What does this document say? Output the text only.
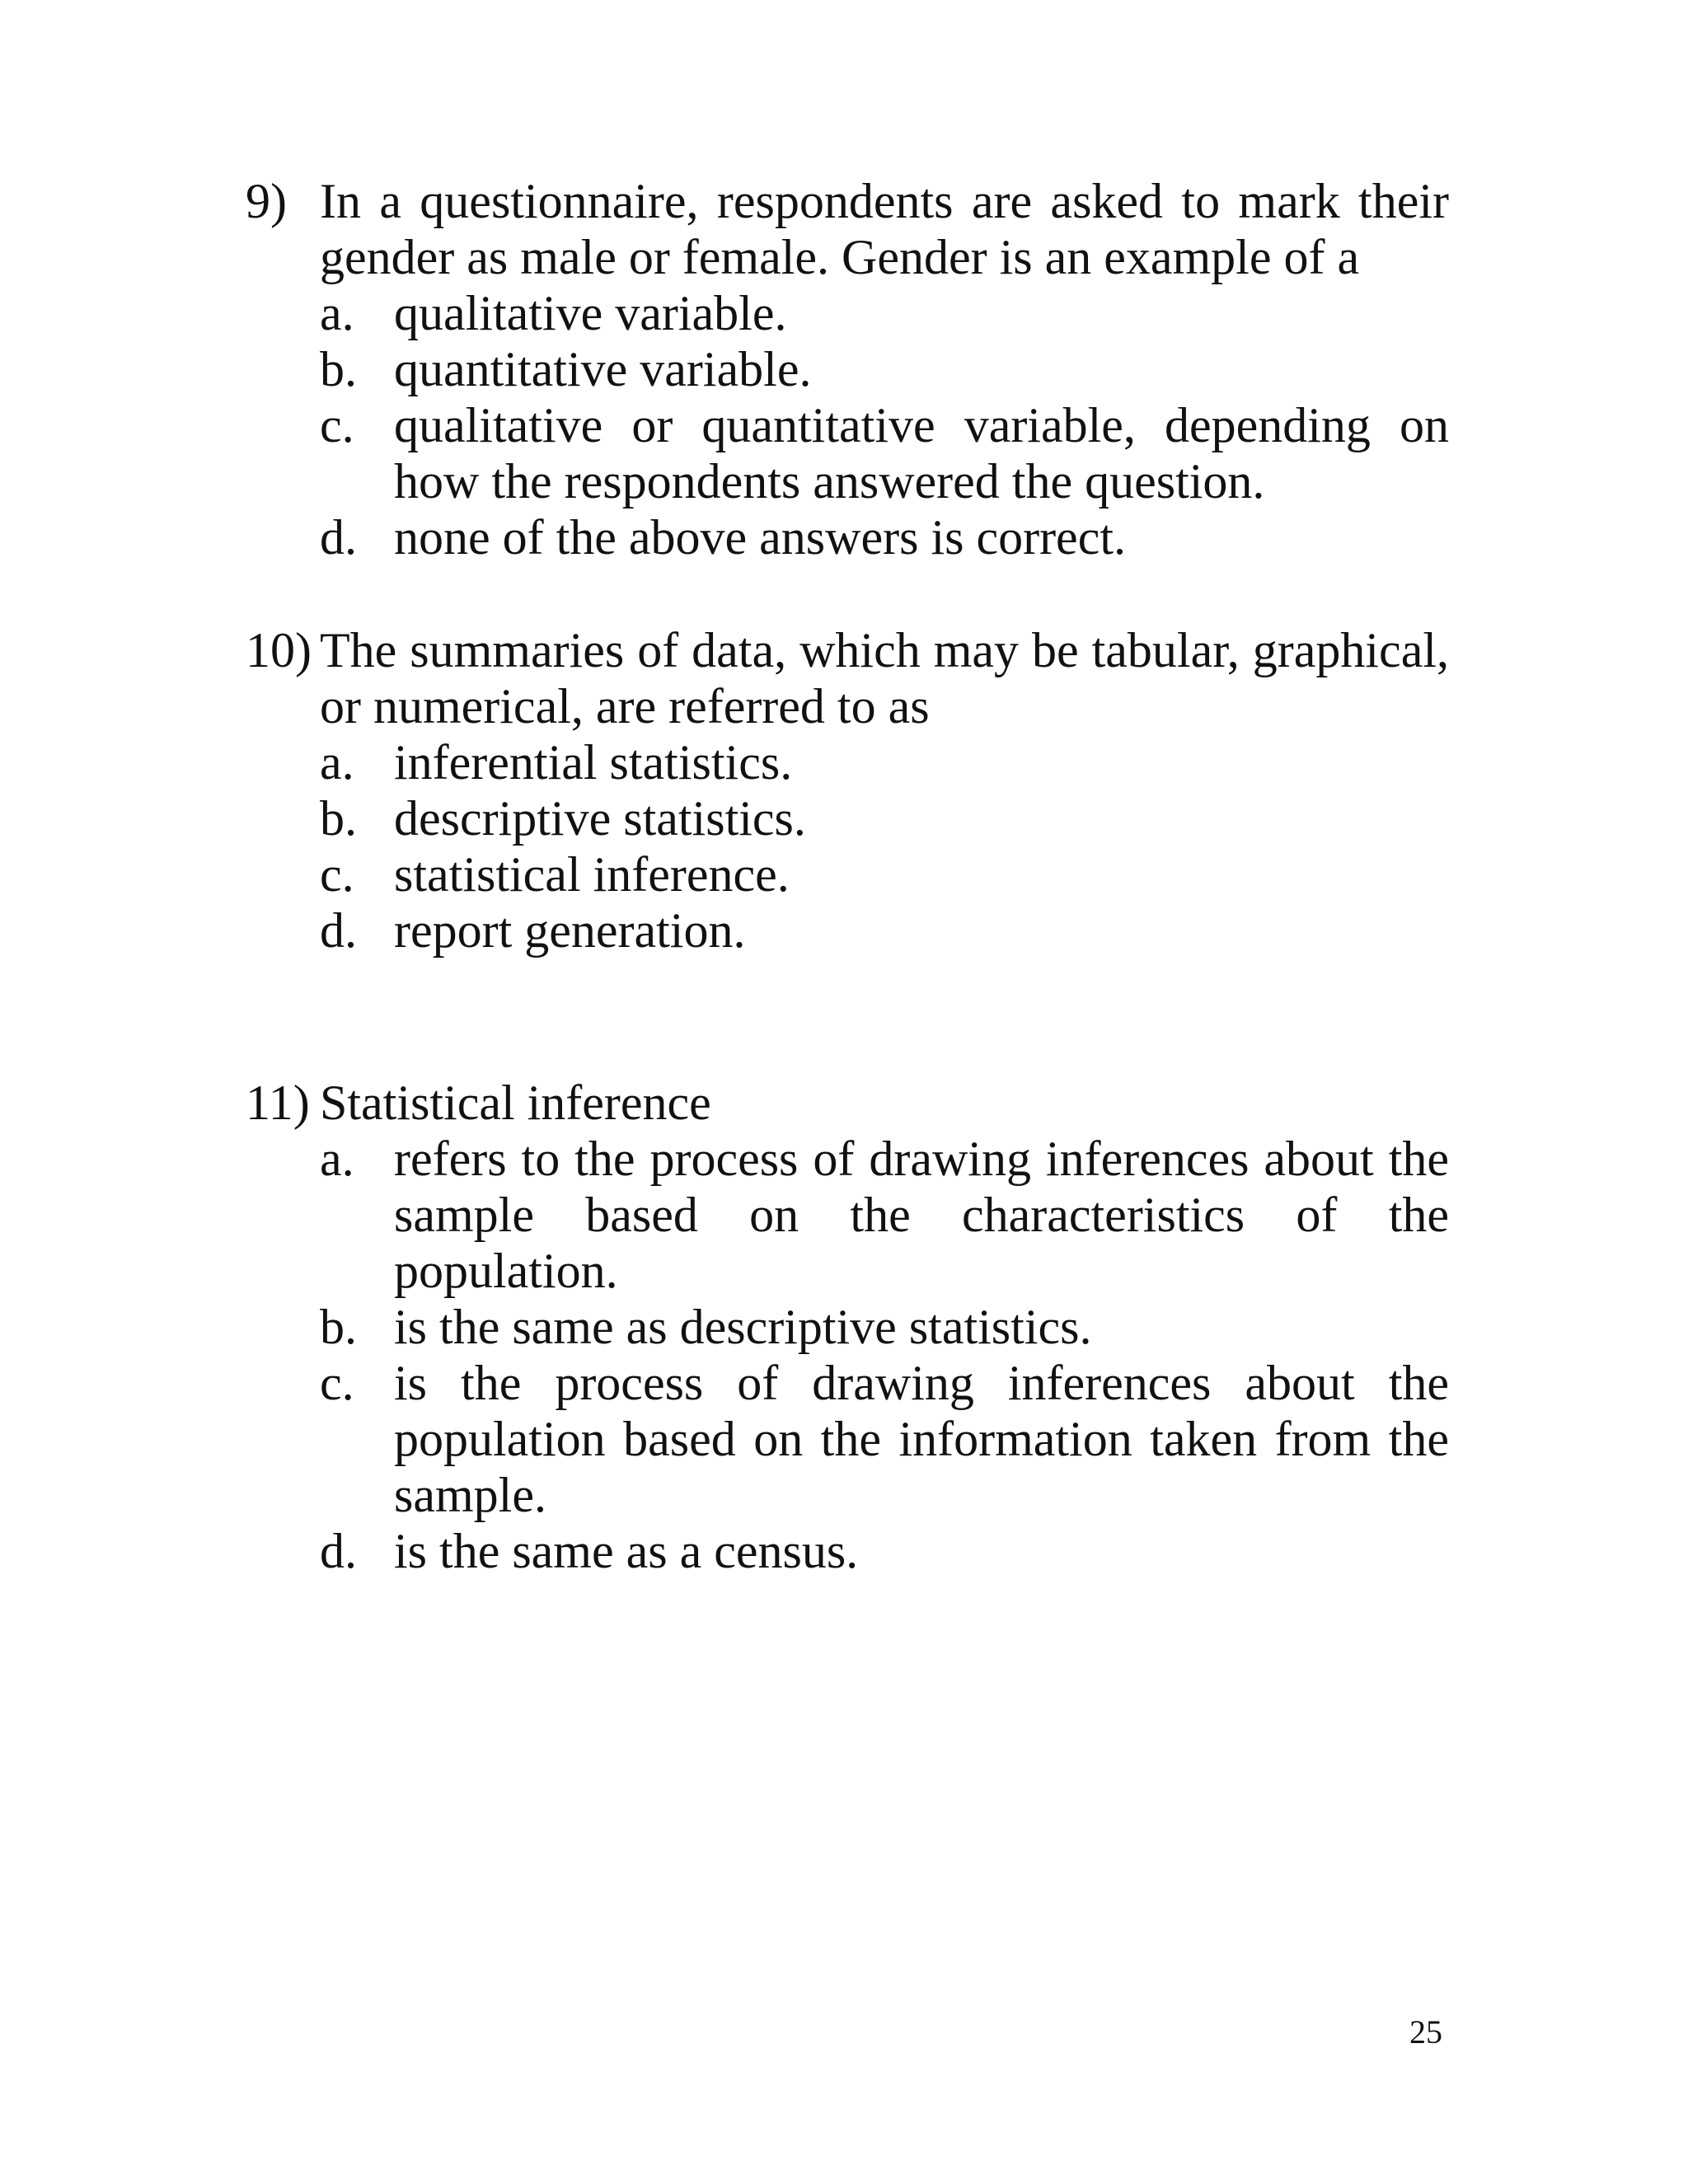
9) In a questionnaire, respondents are asked to mark their gender as male or female. Gender is an example of a
a. qualitative variable.
b. quantitative variable.
c. qualitative or quantitative variable, depending on how the respondents answered the question.
d. none of the above answers is correct.
10) The summaries of data, which may be tabular, graphical, or numerical, are referred to as
a. inferential statistics.
b. descriptive statistics.
c. statistical inference.
d. report generation.
11) Statistical inference
a. refers to the process of drawing inferences about the sample based on the characteristics of the population.
b. is the same as descriptive statistics.
c. is the process of drawing inferences about the population based on the information taken from the sample.
d. is the same as a census.
25
